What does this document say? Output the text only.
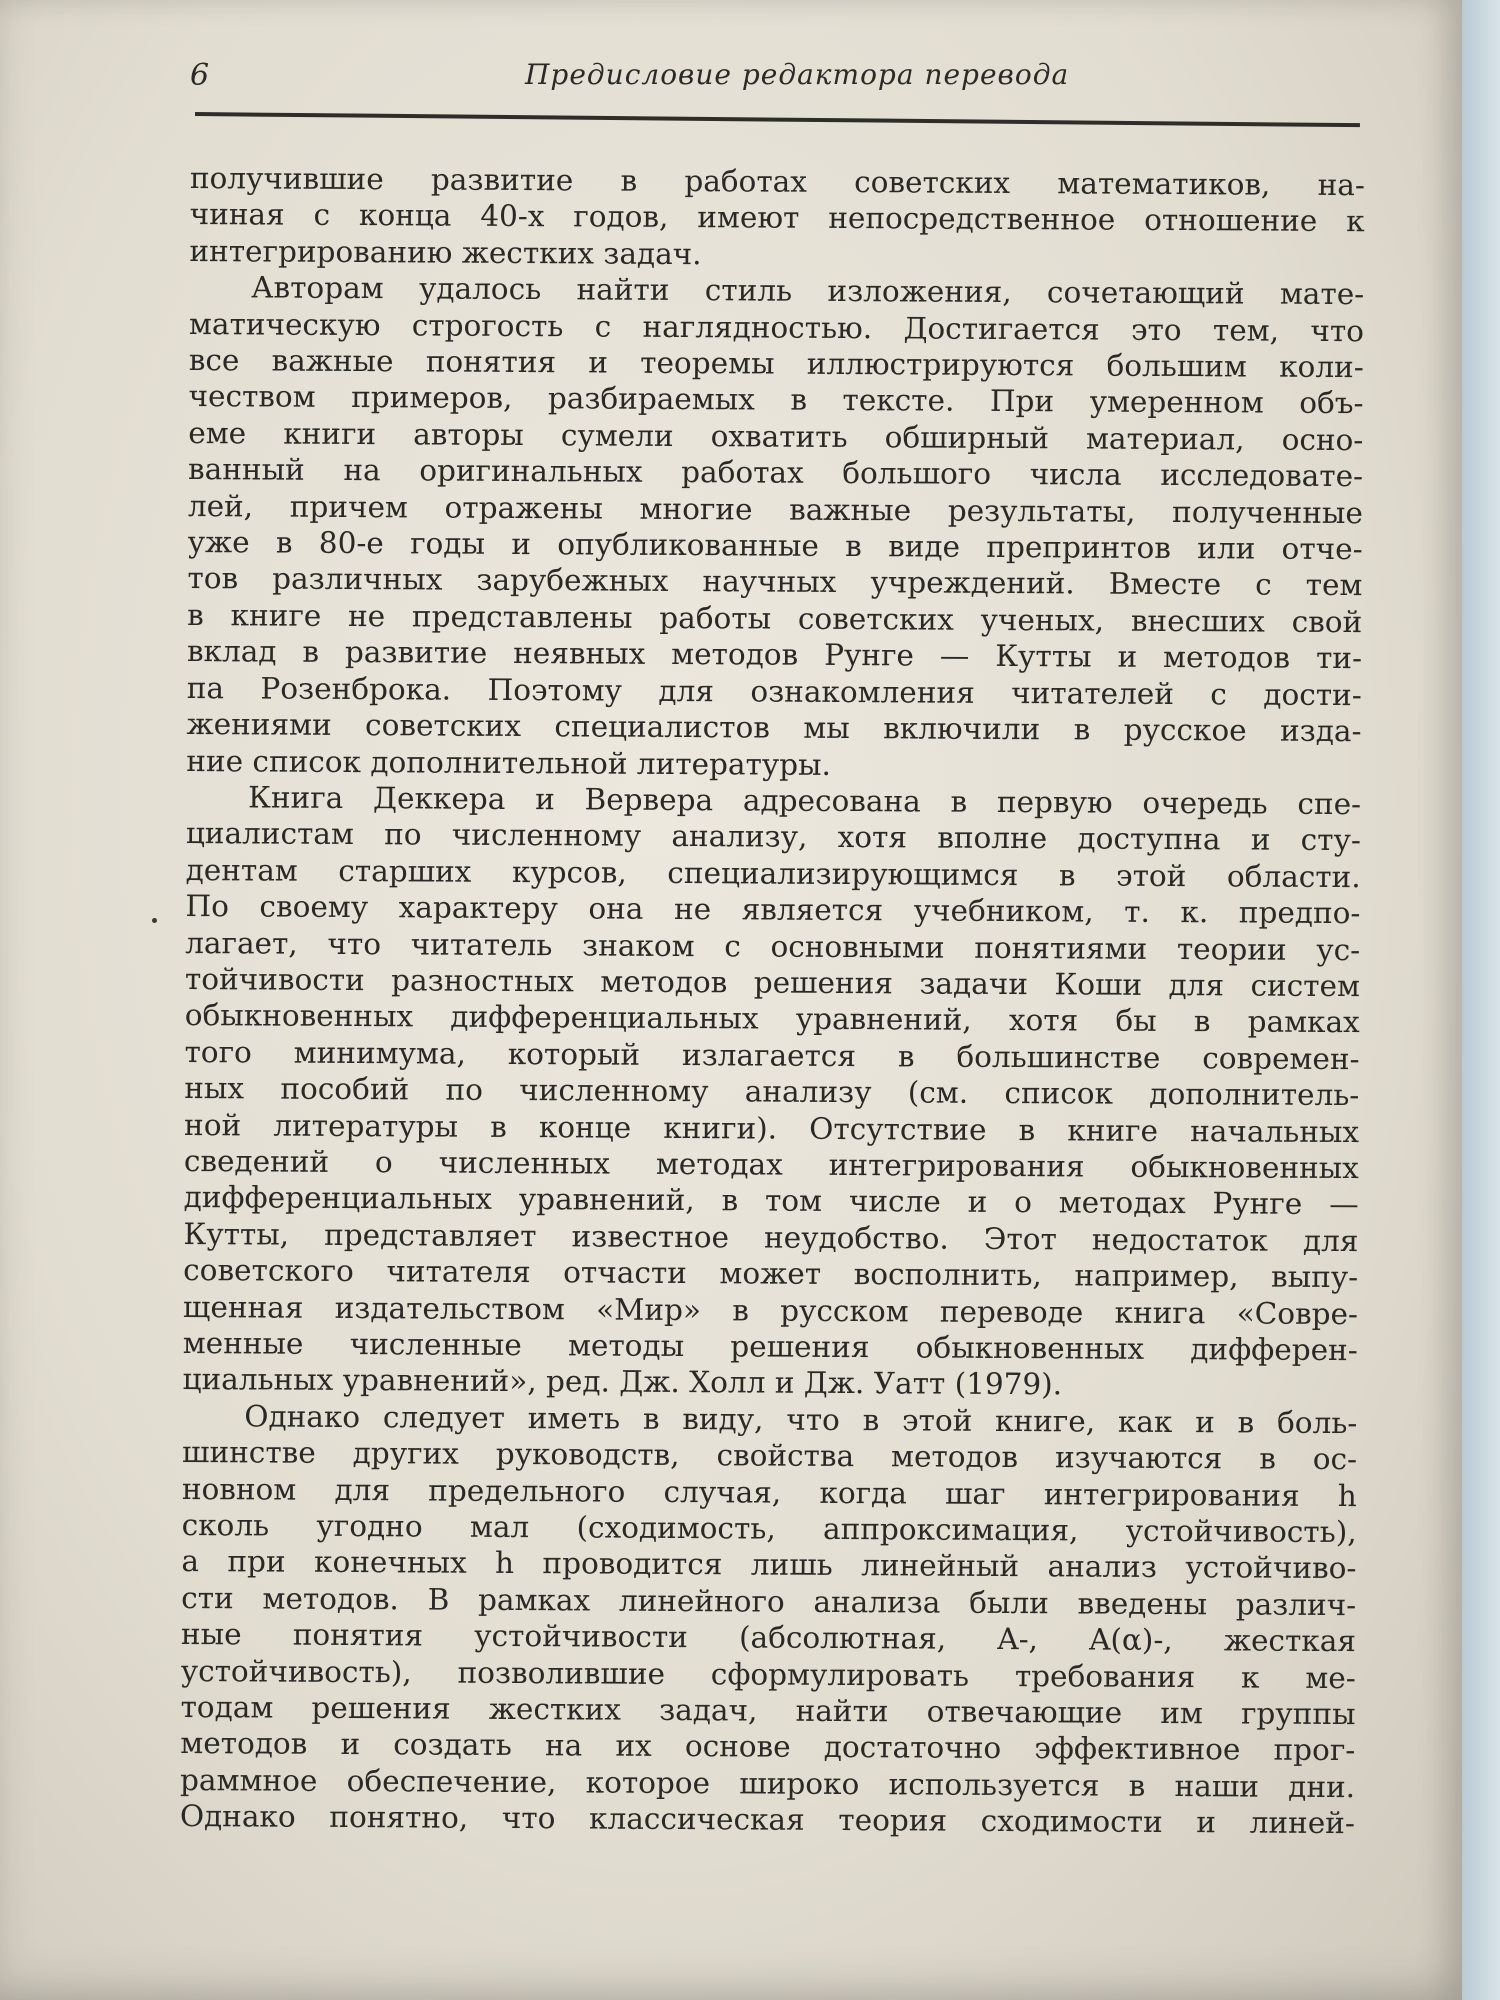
6	Предисловие редактора перевода
получившие развитие в работах советских математиков, на-
чиная с конца 40-х годов, имеют непосредственное отношение к
интегрированию жестких задач.
Авторам удалось найти стиль изложения, сочетающий мате-
матическую строгость с наглядностью. Достигается это тем, что
все важные понятия и теоремы иллюстрируются большим коли-
чеством примеров, разбираемых в тексте. При умеренном объ-
еме книги авторы сумели охватить обширный материал, осно-
ванный на оригинальных работах большого числа исследовате-
лей, причем отражены многие важные результаты, полученные
уже в 80-е годы и опубликованные в виде препринтов или отче-
тов различных зарубежных научных учреждений. Вместе с тем
в книге не представлены работы советских ученых, внесших свой
вклад в развитие неявных методов Рунге — Кутты и методов ти-
па Розенброка. Поэтому для ознакомления читателей с дости-
жениями советских специалистов мы включили в русское изда-
ние список дополнительной литературы.
Книга Деккера и Вервера адресована в первую очередь спе-
циалистам по численному анализу, хотя вполне доступна и сту-
дентам старших курсов, специализирующимся в этой области.
По своему характеру она не является учебником, т. к. предпо-
лагает, что читатель знаком с основными понятиями теории ус-
тойчивости разностных методов решения задачи Коши для систем
обыкновенных дифференциальных уравнений, хотя бы в рамках
того минимума, который излагается в большинстве современ-
ных пособий по численному анализу (см. список дополнитель-
ной литературы в конце книги). Отсутствие в книге начальных
сведений о численных методах интегрирования обыкновенных
дифференциальных уравнений, в том числе и о методах Рунге —
Кутты, представляет известное неудобство. Этот недостаток для
советского читателя отчасти может восполнить, например, выпу-
щенная издательством «Мир» в русском переводе книга «Совре-
менные численные методы решения обыкновенных дифферен-
циальных уравнений», ред. Дж. Холл и Дж. Уатт (1979).
Однако следует иметь в виду, что в этой книге, как и в боль-
шинстве других руководств, свойства методов изучаются в ос-
новном для предельного случая, когда шаг интегрирования h
сколь угодно мал (сходимость, аппроксимация, устойчивость),
а при конечных h проводится лишь линейный анализ устойчиво-
сти методов. В рамках линейного анализа были введены различ-
ные понятия устойчивости (абсолютная, A-, A(α)-, жесткая
устойчивость), позволившие сформулировать требования к ме-
тодам решения жестких задач, найти отвечающие им группы
методов и создать на их основе достаточно эффективное прог-
раммное обеспечение, которое широко используется в наши дни.
Однако понятно, что классическая теория сходимости и линей-
